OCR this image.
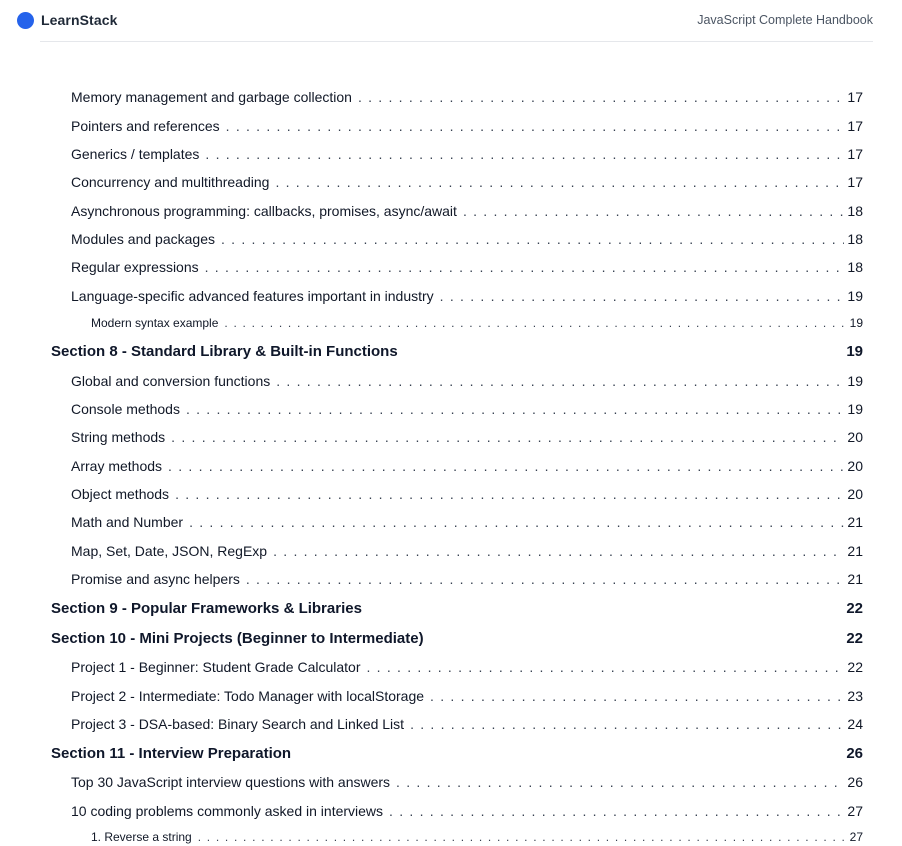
LearnStack	JavaScript Complete Handbook
Memory management and garbage collection . . .	17
Pointers and references . . .	17
Generics / templates . . .	17
Concurrency and multithreading . . .	17
Asynchronous programming: callbacks, promises, async/await . . .	18
Modules and packages . . .	18
Regular expressions . . .	18
Language-specific advanced features important in industry . . .	19
Modern syntax example . . .	19
Section 8 - Standard Library & Built-in Functions	19
Global and conversion functions . . .	19
Console methods . . .	19
String methods . . .	20
Array methods . . .	20
Object methods . . .	20
Math and Number . . .	21
Map, Set, Date, JSON, RegExp . . .	21
Promise and async helpers . . .	21
Section 9 - Popular Frameworks & Libraries	22
Section 10 - Mini Projects (Beginner to Intermediate)	22
Project 1 - Beginner: Student Grade Calculator . . .	22
Project 2 - Intermediate: Todo Manager with localStorage . . .	23
Project 3 - DSA-based: Binary Search and Linked List . . .	24
Section 11 - Interview Preparation	26
Top 30 JavaScript interview questions with answers . . .	26
10 coding problems commonly asked in interviews . . .	27
1. Reverse a string . . .	27
